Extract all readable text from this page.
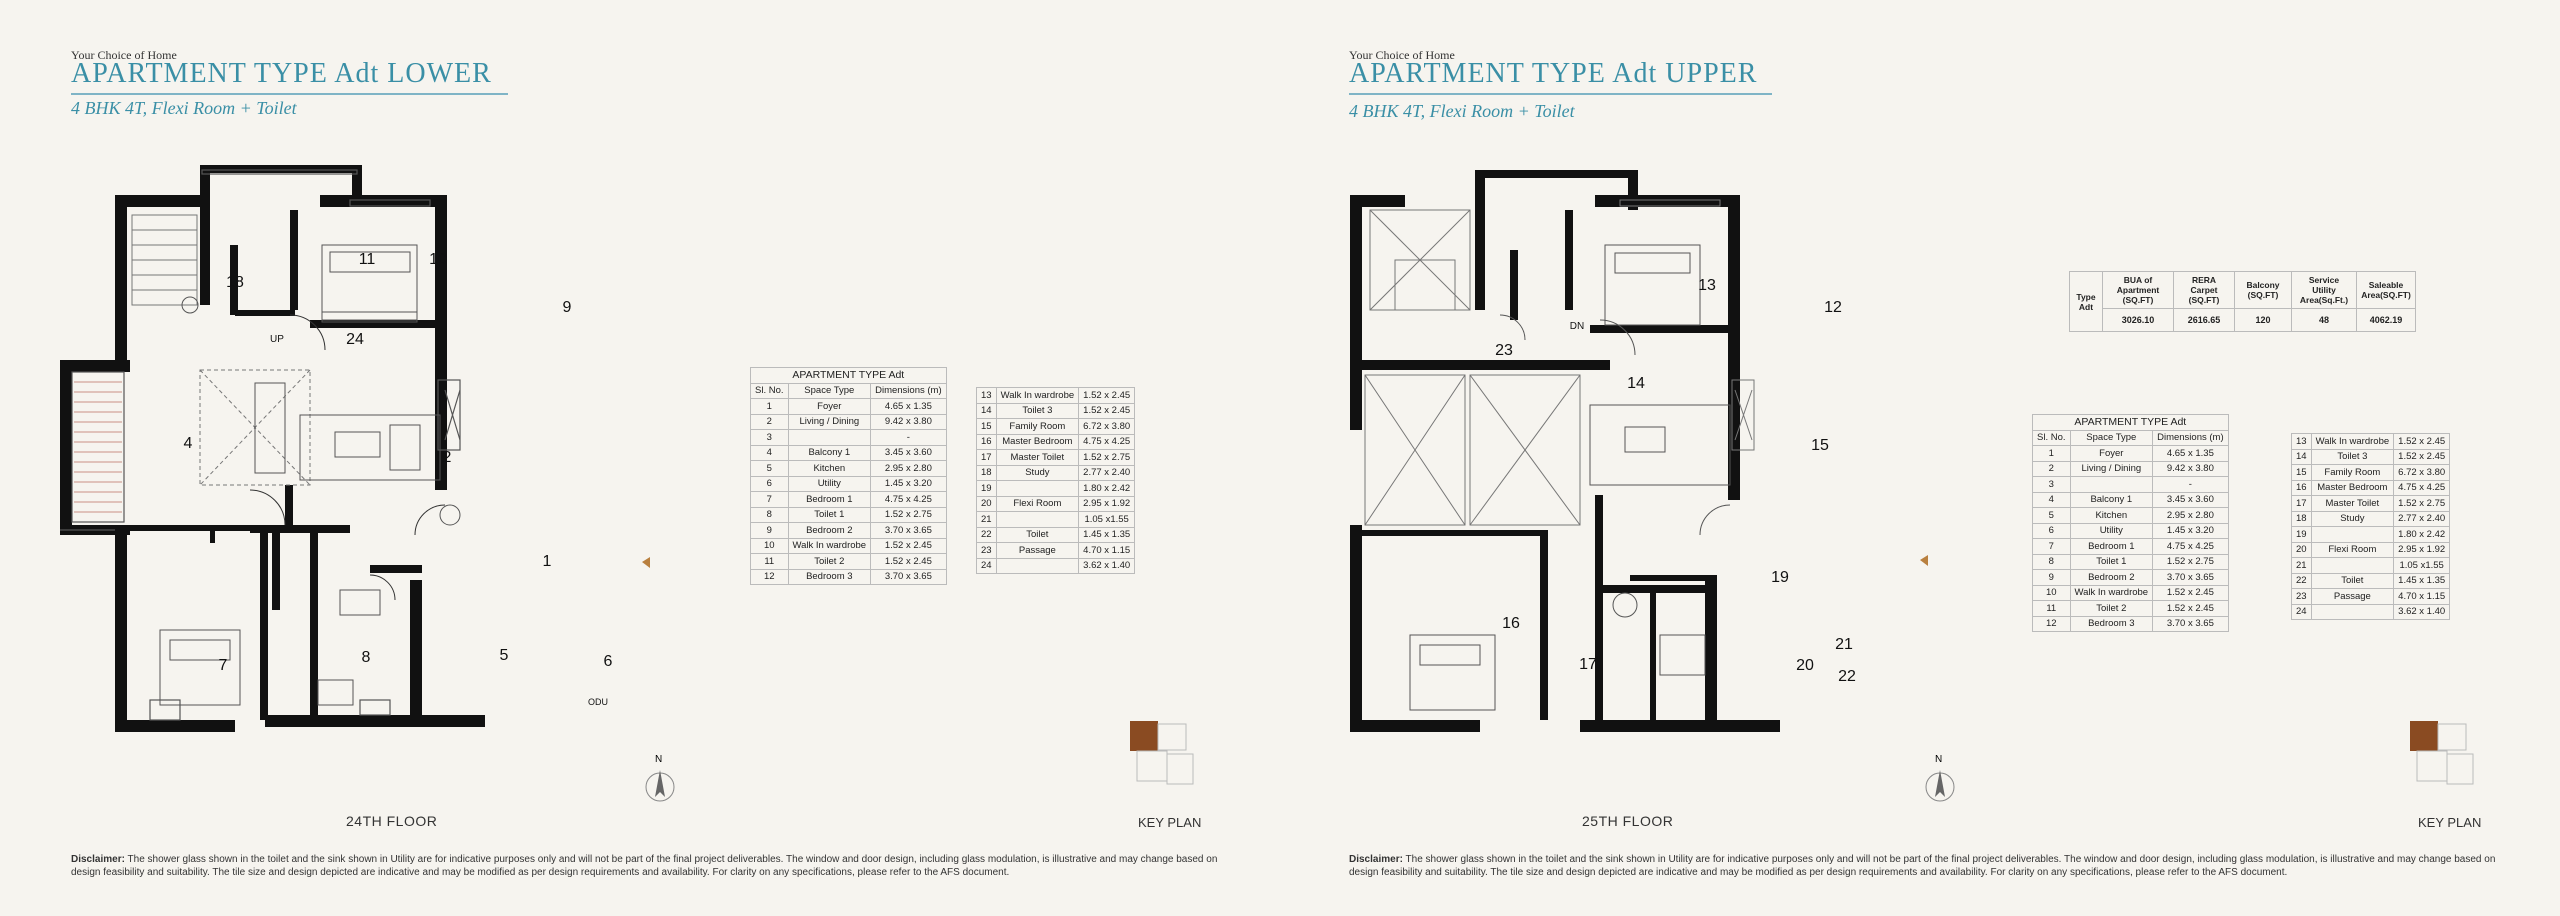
Your Choice of Home
APARTMENT TYPE Adt LOWER
4 BHK 4T, Flexi Room + Toilet
18
11	10
9
24
UP
2
4
1
7	8	5	6
ODU
N
24TH FLOOR	KEY PLAN
APARTMENT TYPE Adt		
Sl. No.	Space Type	Dimensions (m)
1	Foyer	4.65 x 1.35
2	Living / Dining	9.42 x 3.80
3		-
4	Balcony 1	3.45 x 3.60
5	Kitchen	2.95 x 2.80
6	Utility	1.45 x 3.20
7	Bedroom 1	4.75 x 4.25
8	Toilet 1	1.52 x 2.75
9	Bedroom 2	3.70 x 3.65
10	Walk In wardrobe	1.52 x 2.45
11	Toilet 2	1.52 x 2.45
12	Bedroom 3	3.70 x 3.65
13	Walk In wardrobe	1.52 x 2.45
14	Toilet 3	1.52 x 2.45
15	Family Room	6.72 x 3.80
16	Master Bedroom	4.75 x 4.25
17	Master Toilet	1.52 x 2.75
18	Study	2.77 x 2.40
19		1.80 x 2.42
20	Flexi Room	2.95 x 1.92
21		1.05 x1.55
22	Toilet	1.45 x 1.35
23	Passage	4.70 x 1.15
24		3.62 x 1.40
Disclaimer: The shower glass shown in the toilet and the sink shown in Utility are for indicative purposes only and will not be part of the final project deliverables. The window and door design, including glass modulation, is illustrative and may change based on design feasibility and suitability. The tile size and design depicted are indicative and may be modified as per design requirements and availability. For clarity on any specifications, please refer to the AFS document.
Your Choice of Home
APARTMENT TYPE Adt UPPER
4 BHK 4T, Flexi Room + Toilet
14
13
12
23
DN
15
19
16
17
21
20
22
N
25TH FLOOR	KEY PLAN
Type Adt	BUA of Apartment (SQ.FT)	RERA Carpet (SQ.FT)	Balcony (SQ.FT)	Service Utility Area(Sq.Ft.)	Saleable Area(SQ.FT)
	3026.10	2616.65	120	48	4062.19
APARTMENT TYPE Adt		
Sl. No.	Space Type	Dimensions (m)
1	Foyer	4.65 x 1.35
2	Living / Dining	9.42 x 3.80
3		-
4	Balcony 1	3.45 x 3.60
5	Kitchen	2.95 x 2.80
6	Utility	1.45 x 3.20
7	Bedroom 1	4.75 x 4.25
8	Toilet 1	1.52 x 2.75
9	Bedroom 2	3.70 x 3.65
10	Walk In wardrobe	1.52 x 2.45
11	Toilet 2	1.52 x 2.45
12	Bedroom 3	3.70 x 3.65
13	Walk In wardrobe	1.52 x 2.45
14	Toilet 3	1.52 x 2.45
15	Family Room	6.72 x 3.80
16	Master Bedroom	4.75 x 4.25
17	Master Toilet	1.52 x 2.75
18	Study	2.77 x 2.40
19		1.80 x 2.42
20	Flexi Room	2.95 x 1.92
21		1.05 x1.55
22	Toilet	1.45 x 1.35
23	Passage	4.70 x 1.15
24		3.62 x 1.40
Disclaimer: The shower glass shown in the toilet and the sink shown in Utility are for indicative purposes only and will not be part of the final project deliverables. The window and door design, including glass modulation, is illustrative and may change based on design feasibility and suitability. The tile size and design depicted are indicative and may be modified as per design requirements and availability. For clarity on any specifications, please refer to the AFS document.
